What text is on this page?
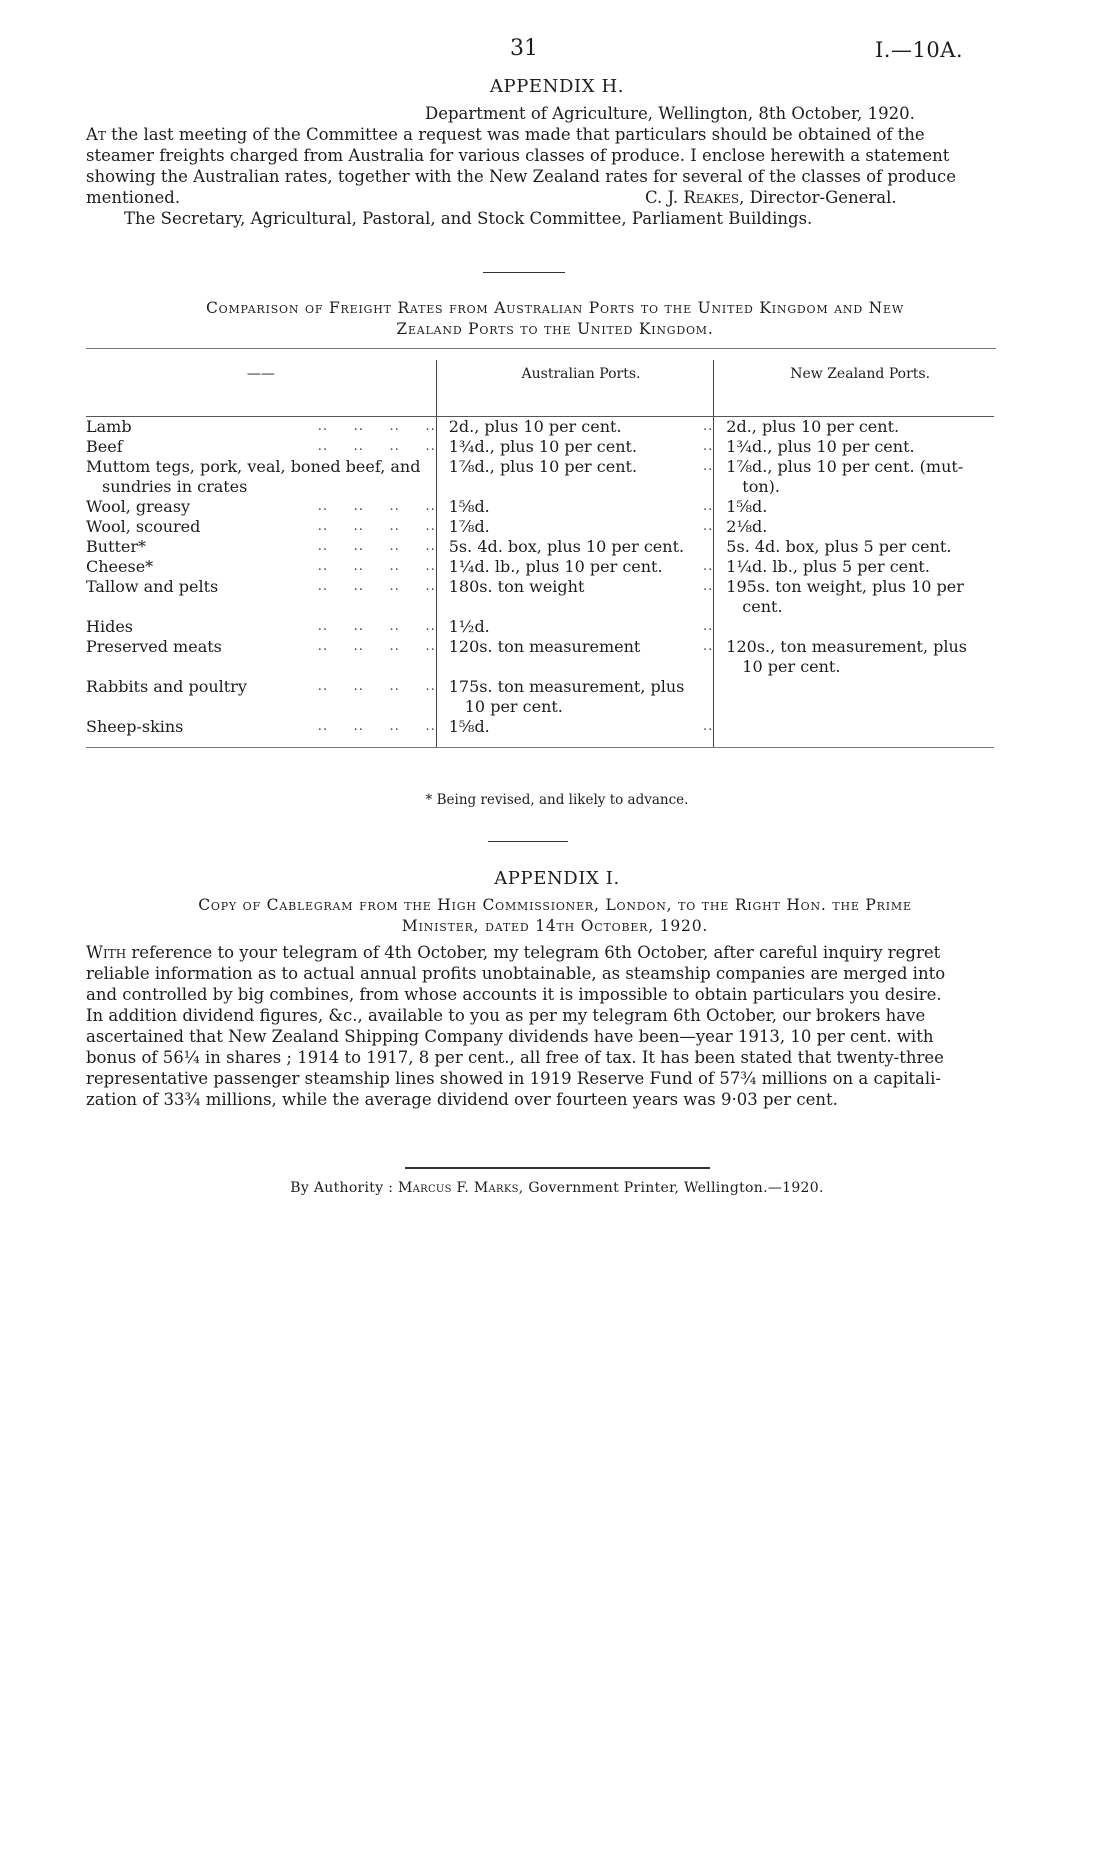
31	I.—10A.
APPENDIX H.
Department of Agriculture, Wellington, 8th October, 1920.
At the last meeting of the Committee a request was made that particulars should be obtained of the
steamer freights charged from Australia for various classes of produce. I enclose herewith a statement
showing the Australian rates, together with the New Zealand rates for several of the classes of produce
mentioned.	C. J. Reakes, Director-General.
The Secretary, Agricultural, Pastoral, and Stock Committee, Parliament Buildings.
Comparison of Freight Rates from Australian Ports to the United Kingdom and New
Zealand Ports to the United Kingdom.
——	Australian Ports.	New Zealand Ports.

Lamb ..     ..     ..     ..	2d., plus 10 per cent. ..	2d., plus 10 per cent.

Beef ..     ..     ..     ..	1¾d., plus 10 per cent. ..	1¾d., plus 10 per cent.

Muttom tegs, pork, veal, boned beef, and
sundries in crates	1⅞d., plus 10 per cent. ..	1⅞d., plus 10 per cent. (mut-
ton).

Wool, greasy ..     ..     ..     ..	1⅝d. ..	1⅝d.

Wool, scoured ..     ..     ..     ..	1⅞d. ..	2⅛d.

Butter* ..     ..     ..     ..	5s. 4d. box, plus 10 per cent.	5s. 4d. box, plus 5 per cent.

Cheese* ..     ..     ..     ..	1¼d. lb., plus 10 per cent. ..	1¼d. lb., plus 5 per cent.

Tallow and pelts ..     ..     ..     ..	180s. ton weight ..	195s. ton weight, plus 10 per
cent.

Hides ..     ..     ..     ..	1½d. ..	

Preserved meats ..     ..     ..     ..	120s. ton measurement ..	120s., ton measurement, plus
10 per cent.

Rabbits and poultry ..     ..     ..     ..	175s. ton measurement, plus
10 per cent.	

Sheep-skins ..     ..     ..     ..	1⅝d. ..	

* Being revised, and likely to advance.
APPENDIX I.
Copy of Cablegram from the High Commissioner, London, to the Right Hon. the Prime
Minister, dated 14th October, 1920.
With reference to your telegram of 4th October, my telegram 6th October, after careful inquiry regret
reliable information as to actual annual profits unobtainable, as steamship companies are merged into
and controlled by big combines, from whose accounts it is impossible to obtain particulars you desire.
In addition dividend figures, &c., available to you as per my telegram 6th October, our brokers have
ascertained that New Zealand Shipping Company dividends have been—year 1913, 10 per cent. with
bonus of 56¼ in shares ; 1914 to 1917, 8 per cent., all free of tax. It has been stated that twenty-three
representative passenger steamship lines showed in 1919 Reserve Fund of 57¾ millions on a capitali-
zation of 33¾ millions, while the average dividend over fourteen years was 9·03 per cent.
By Authority : Marcus F. Marks, Government Printer, Wellington.—1920.
